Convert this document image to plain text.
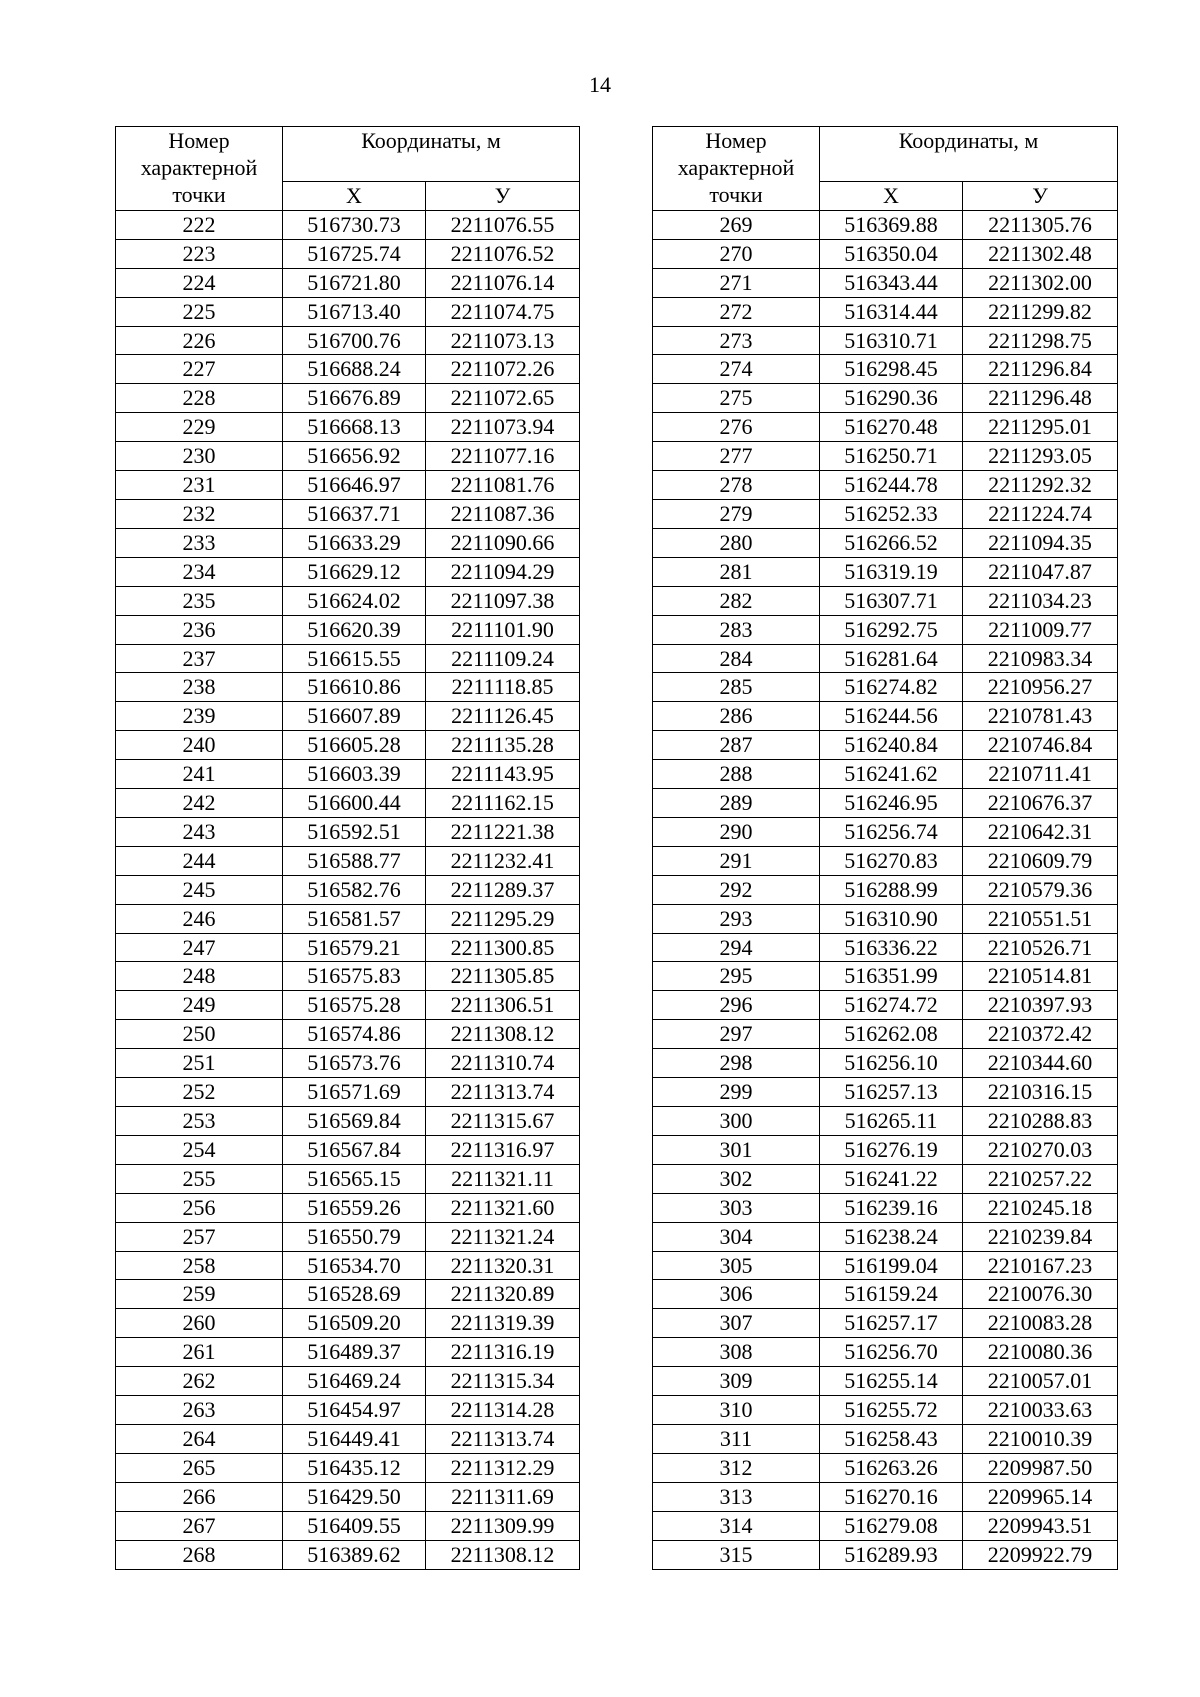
14
Номер
характерной
точки	Координаты, м	
	X	У
222	516730.73	2211076.55
223	516725.74	2211076.52
224	516721.80	2211076.14
225	516713.40	2211074.75
226	516700.76	2211073.13
227	516688.24	2211072.26
228	516676.89	2211072.65
229	516668.13	2211073.94
230	516656.92	2211077.16
231	516646.97	2211081.76
232	516637.71	2211087.36
233	516633.29	2211090.66
234	516629.12	2211094.29
235	516624.02	2211097.38
236	516620.39	2211101.90
237	516615.55	2211109.24
238	516610.86	2211118.85
239	516607.89	2211126.45
240	516605.28	2211135.28
241	516603.39	2211143.95
242	516600.44	2211162.15
243	516592.51	2211221.38
244	516588.77	2211232.41
245	516582.76	2211289.37
246	516581.57	2211295.29
247	516579.21	2211300.85
248	516575.83	2211305.85
249	516575.28	2211306.51
250	516574.86	2211308.12
251	516573.76	2211310.74
252	516571.69	2211313.74
253	516569.84	2211315.67
254	516567.84	2211316.97
255	516565.15	2211321.11
256	516559.26	2211321.60
257	516550.79	2211321.24
258	516534.70	2211320.31
259	516528.69	2211320.89
260	516509.20	2211319.39
261	516489.37	2211316.19
262	516469.24	2211315.34
263	516454.97	2211314.28
264	516449.41	2211313.74
265	516435.12	2211312.29
266	516429.50	2211311.69
267	516409.55	2211309.99
268	516389.62	2211308.12
Номер
характерной
точки	Координаты, м	
	X	У
269	516369.88	2211305.76
270	516350.04	2211302.48
271	516343.44	2211302.00
272	516314.44	2211299.82
273	516310.71	2211298.75
274	516298.45	2211296.84
275	516290.36	2211296.48
276	516270.48	2211295.01
277	516250.71	2211293.05
278	516244.78	2211292.32
279	516252.33	2211224.74
280	516266.52	2211094.35
281	516319.19	2211047.87
282	516307.71	2211034.23
283	516292.75	2211009.77
284	516281.64	2210983.34
285	516274.82	2210956.27
286	516244.56	2210781.43
287	516240.84	2210746.84
288	516241.62	2210711.41
289	516246.95	2210676.37
290	516256.74	2210642.31
291	516270.83	2210609.79
292	516288.99	2210579.36
293	516310.90	2210551.51
294	516336.22	2210526.71
295	516351.99	2210514.81
296	516274.72	2210397.93
297	516262.08	2210372.42
298	516256.10	2210344.60
299	516257.13	2210316.15
300	516265.11	2210288.83
301	516276.19	2210270.03
302	516241.22	2210257.22
303	516239.16	2210245.18
304	516238.24	2210239.84
305	516199.04	2210167.23
306	516159.24	2210076.30
307	516257.17	2210083.28
308	516256.70	2210080.36
309	516255.14	2210057.01
310	516255.72	2210033.63
311	516258.43	2210010.39
312	516263.26	2209987.50
313	516270.16	2209965.14
314	516279.08	2209943.51
315	516289.93	2209922.79
